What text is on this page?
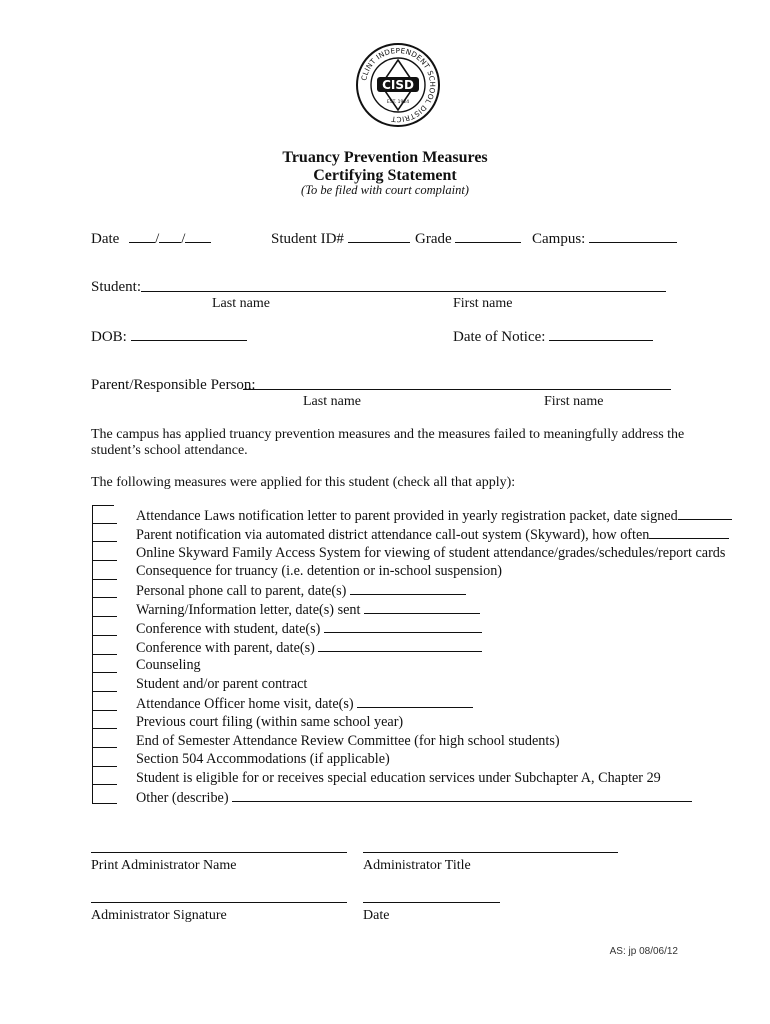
CLINT INDEPENDENT SCHOOL DISTRICT
CISD
EST. 1924
Truancy Prevention Measures
Certifying Statement
(To be filed with court complaint)
Date / /	Student ID#	Grade	Campus:
Student:
Last name	First name
DOB:	Date of Notice:
Parent/Responsible Person:
Last name	First name
The campus has applied truancy prevention measures and the measures failed to meaningfully address the
student’s school attendance.
The following measures were applied for this student (check all that apply):
Attendance Laws notification letter to parent provided in yearly registration packet, date signed
Parent notification via automated district attendance call-out system (Skyward), how often
Online Skyward Family Access System for viewing of student attendance/grades/schedules/report cards
Consequence for truancy (i.e. detention or in-school suspension)
Personal phone call to parent, date(s)
Warning/Information letter, date(s) sent
Conference with student, date(s)
Conference with parent, date(s)
Counseling
Student and/or parent contract
Attendance Officer home visit, date(s)
Previous court filing (within same school year)
End of Semester Attendance Review Committee (for high school students)
Section 504 Accommodations (if applicable)
Student is eligible for or receives special education services under Subchapter A, Chapter 29
Other (describe)
Print Administrator Name	Administrator Title
Administrator Signature	Date
AS: jp 08/06/12
